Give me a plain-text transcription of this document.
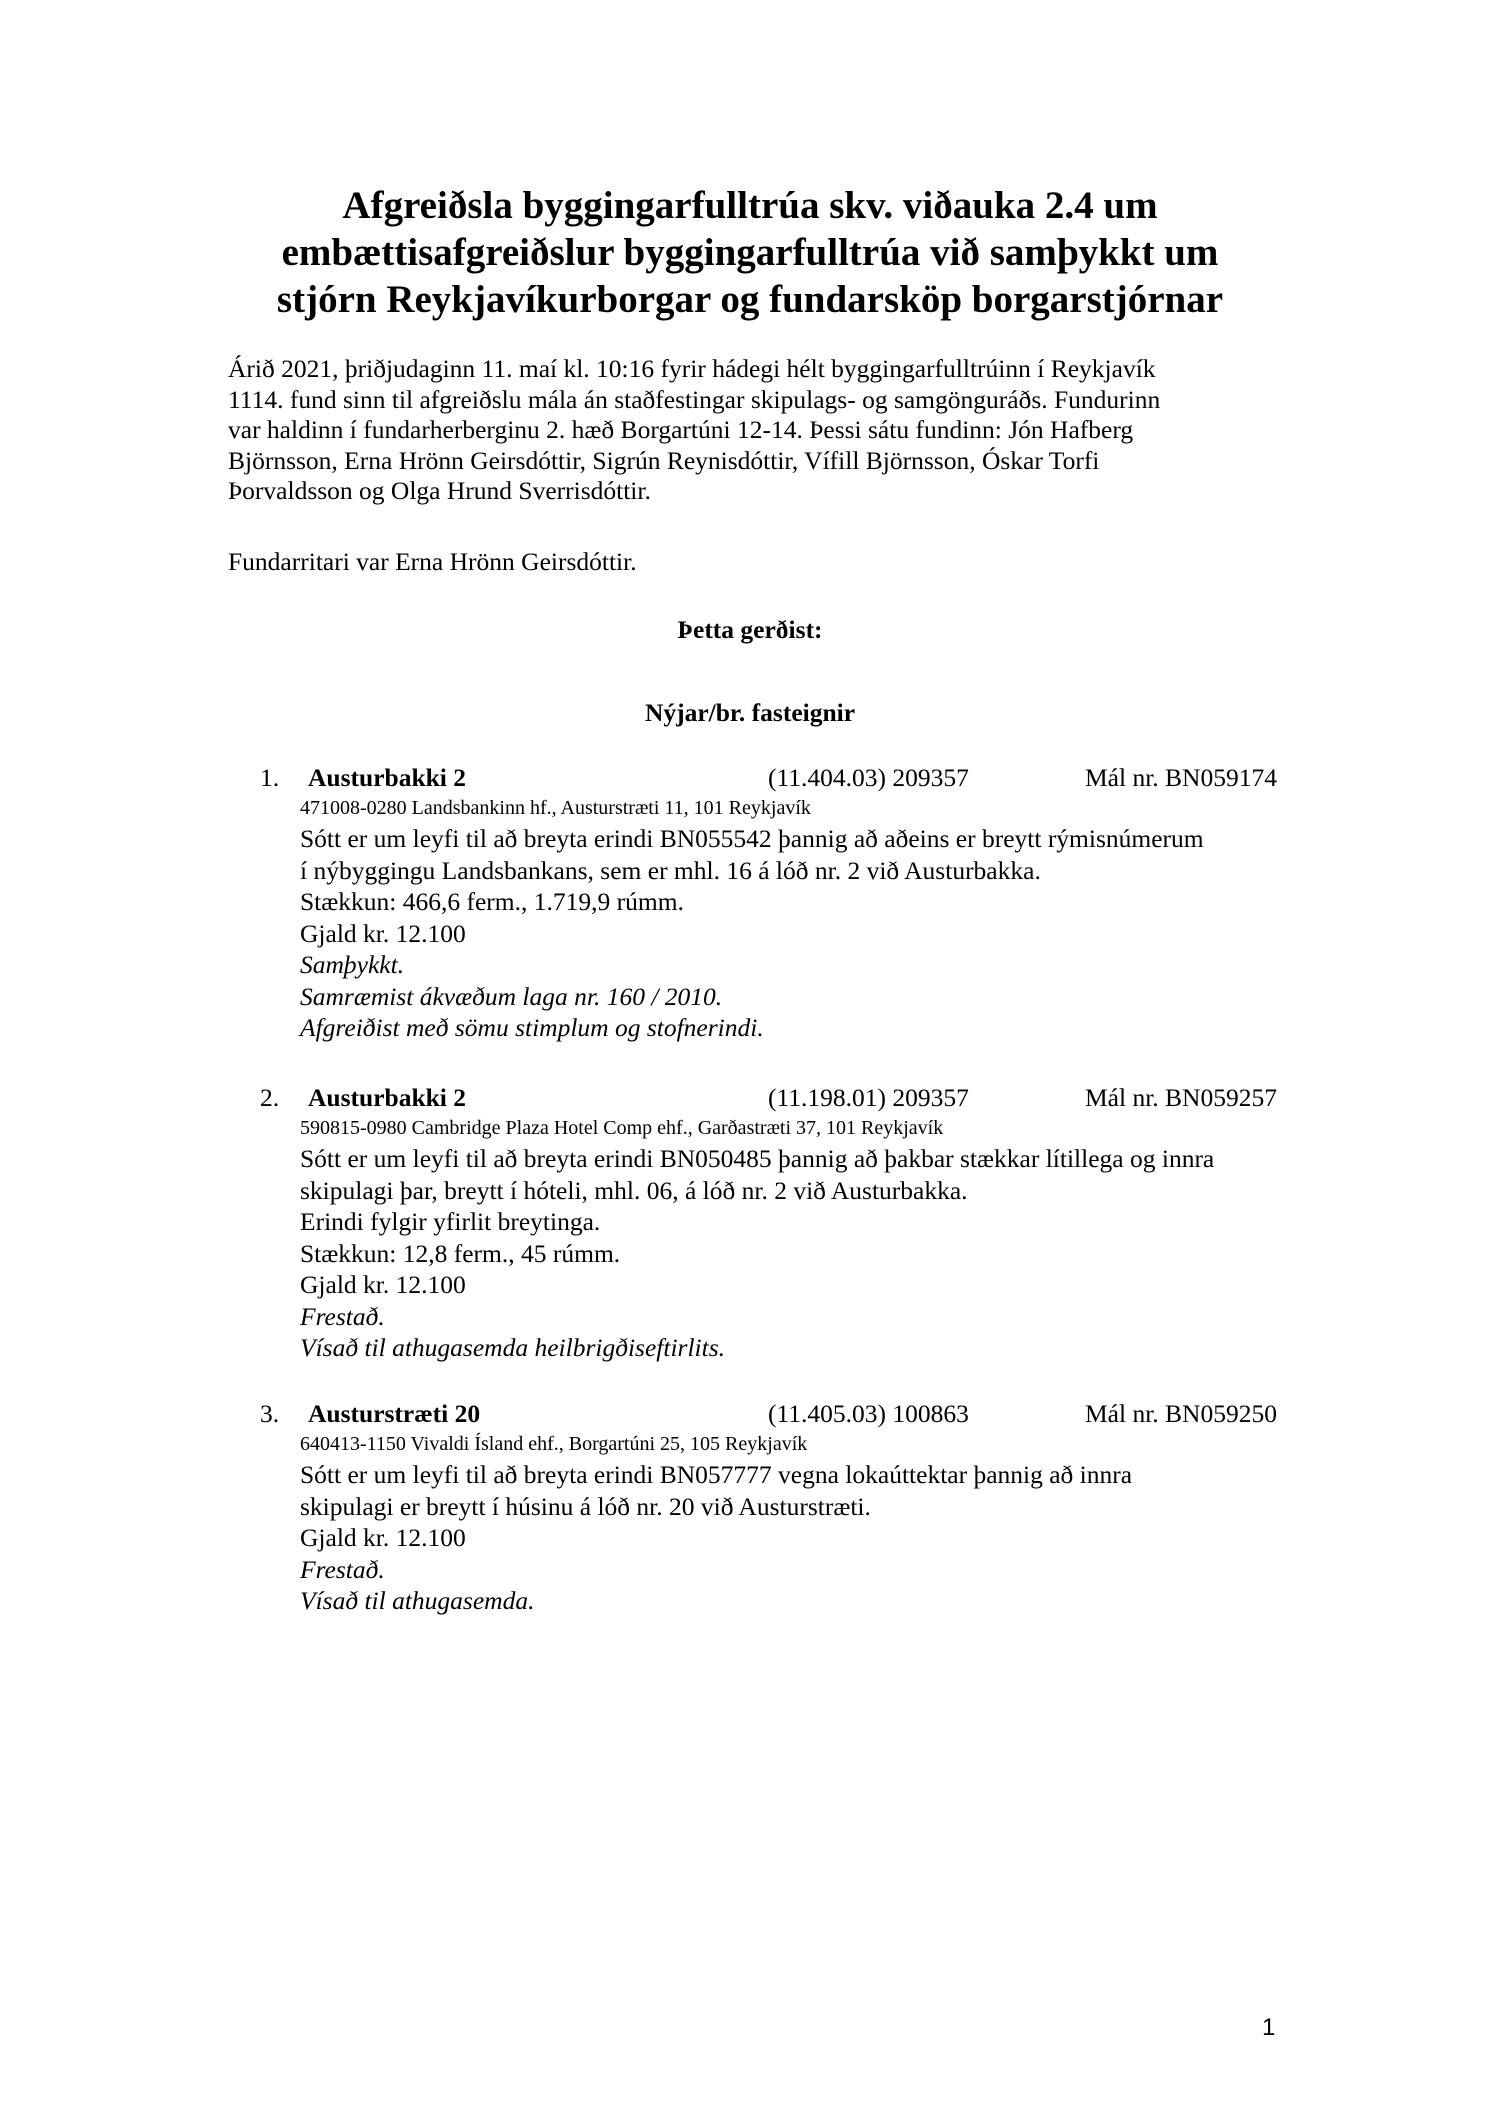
Afgreiðsla byggingarfulltrúa skv. viðauka 2.4 um
embættisafgreiðslur byggingarfulltrúa við samþykkt um
stjórn Reykjavíkurborgar og fundarsköp borgarstjórnar
Árið 2021, þriðjudaginn 11. maí kl. 10:16 fyrir hádegi hélt byggingarfulltrúinn í Reykjavík
1114. fund sinn til afgreiðslu mála án staðfestingar skipulags- og samgönguráðs. Fundurinn
var haldinn í fundarherberginu 2. hæð Borgartúni 12-14. Þessi sátu fundinn: Jón Hafberg
Björnsson, Erna Hrönn Geirsdóttir, Sigrún Reynisdóttir, Vífill Björnsson, Óskar Torfi
Þorvaldsson og Olga Hrund Sverrisdóttir.
Fundarritari var Erna Hrönn Geirsdóttir.
Þetta gerðist:
Nýjar/br. fasteignir
1. Austurbakki 2	(11.404.03) 209357	Mál nr. BN059174
471008-0280 Landsbankinn hf., Austurstræti 11, 101 Reykjavík
Sótt er um leyfi til að breyta erindi BN055542 þannig að aðeins er breytt rýmisnúmerum
í nýbyggingu Landsbankans, sem er mhl. 16 á lóð nr. 2 við Austurbakka.
Stækkun: 466,6 ferm., 1.719,9 rúmm.
Gjald kr. 12.100
Samþykkt.
Samræmist ákvæðum laga nr. 160 / 2010.
Afgreiðist með sömu stimplum og stofnerindi.
2. Austurbakki 2	(11.198.01) 209357	Mál nr. BN059257
590815-0980 Cambridge Plaza Hotel Comp ehf., Garðastræti 37, 101 Reykjavík
Sótt er um leyfi til að breyta erindi BN050485 þannig að þakbar stækkar lítillega og innra
skipulagi þar, breytt í hóteli, mhl. 06, á lóð nr. 2 við Austurbakka.
Erindi fylgir yfirlit breytinga.
Stækkun: 12,8 ferm., 45 rúmm.
Gjald kr. 12.100
Frestað.
Vísað til athugasemda heilbrigðiseftirlits.
3. Austurstræti 20	(11.405.03) 100863	Mál nr. BN059250
640413-1150 Vivaldi Ísland ehf., Borgartúni 25, 105 Reykjavík
Sótt er um leyfi til að breyta erindi BN057777 vegna lokaúttektar þannig að innra
skipulagi er breytt í húsinu á lóð nr. 20 við Austurstræti.
Gjald kr. 12.100
Frestað.
Vísað til athugasemda.
1
